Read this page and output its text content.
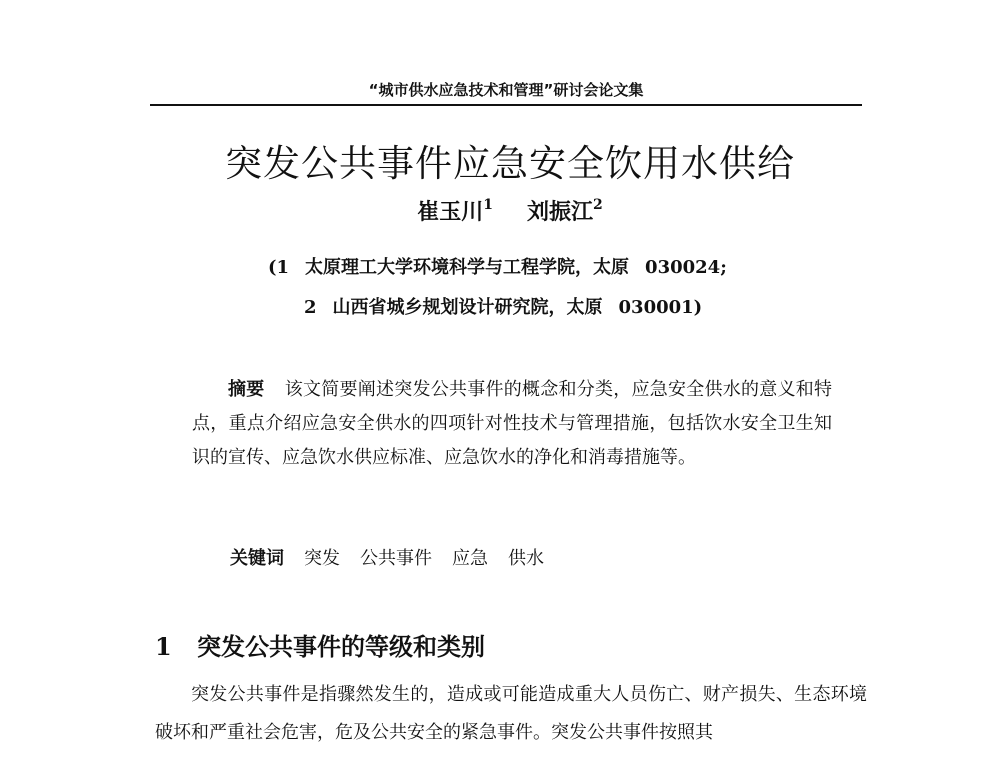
“城市供水应急技术和管理”研讨会论文集
突发公共事件应急安全饮用水供给
崔玉川$^1$ 刘振江$^2$
(1 太原理工大学环境科学与工程学院，太原 030024;
2 山西省城乡规划设计研究院，太原 030001)

摘要 该文简要阐述突发公共事件的概念和分类，应急安全供水的意义和特点，重点介绍应急安全供水的四项针对性技术与管理措施，包括饮水安全卫生知识的宣传、应急饮水供应标准、应急饮水的净化和消毒措施等。

关键词 突发 公共事件 应急 供水
1 突发公共事件的等级和类别

突发公共事件是指骤然发生的，造成或可能造成重大人员伤亡、财产损失、生态环境破坏和严重社会危害，危及公共安全的紧急事件。突发公共事件按照其
